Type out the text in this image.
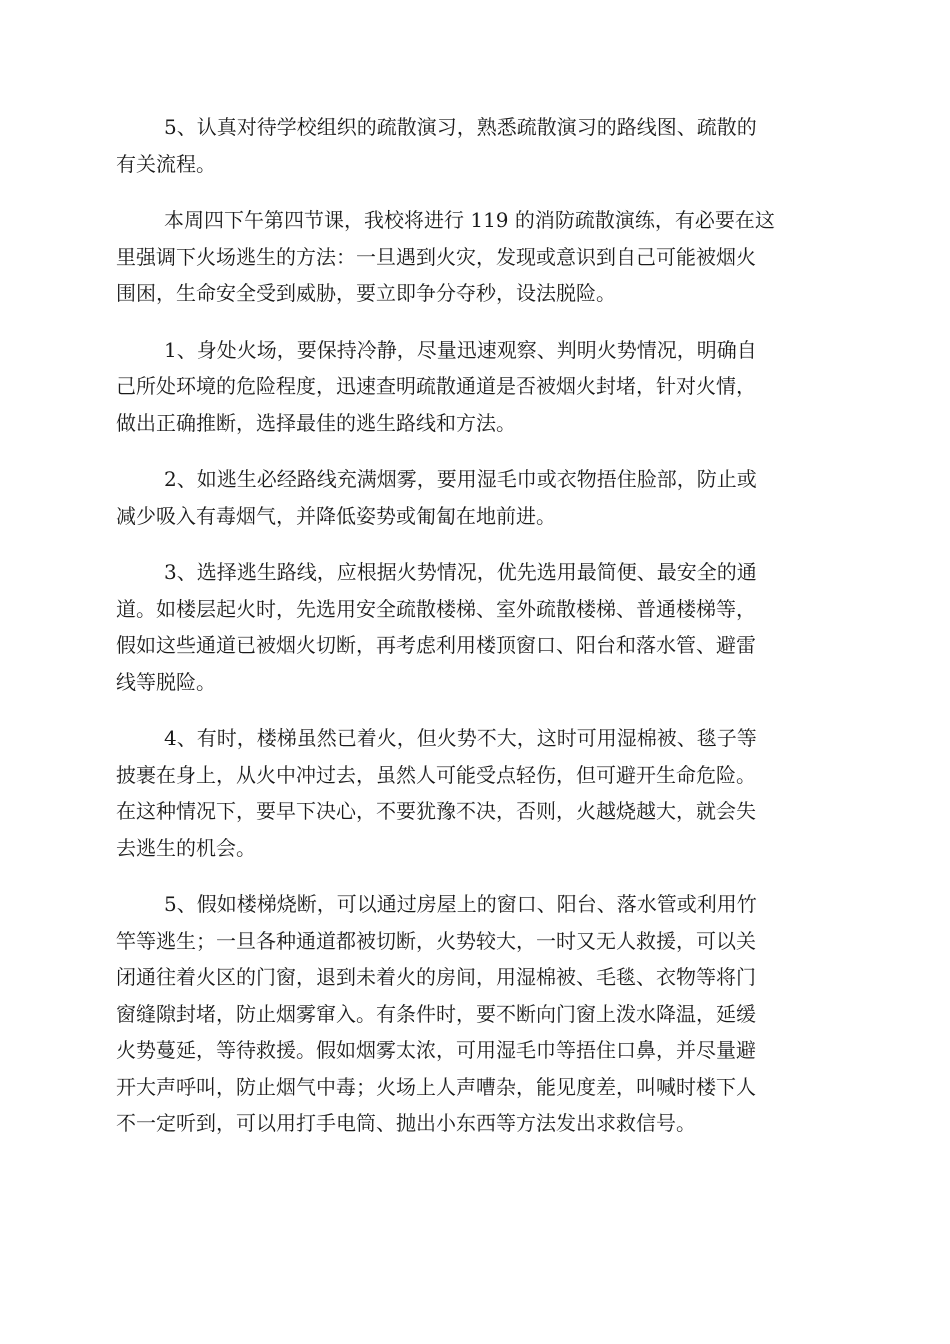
5、认真对待学校组织的疏散演习，熟悉疏散演习的路线图、疏散的
有关流程。

本周四下午第四节课，我校将进行 119 的消防疏散演练，有必要在这
里强调下火场逃生的方法：一旦遇到火灾，发现或意识到自己可能被烟火
围困，生命安全受到威胁，要立即争分夺秒，设法脱险。

1、身处火场，要保持冷静，尽量迅速观察、判明火势情况，明确自
己所处环境的危险程度，迅速查明疏散通道是否被烟火封堵，针对火情，
做出正确推断，选择最佳的逃生路线和方法。

2、如逃生必经路线充满烟雾，要用湿毛巾或衣物捂住脸部，防止或
减少吸入有毒烟气，并降低姿势或匍匐在地前进。

3、选择逃生路线，应根据火势情况，优先选用最简便、最安全的通
道。如楼层起火时，先选用安全疏散楼梯、室外疏散楼梯、普通楼梯等，
假如这些通道已被烟火切断，再考虑利用楼顶窗口、阳台和落水管、避雷
线等脱险。

4、有时，楼梯虽然已着火，但火势不大，这时可用湿棉被、毯子等
披裹在身上，从火中冲过去，虽然人可能受点轻伤，但可避开生命危险。
在这种情况下，要早下决心，不要犹豫不决，否则，火越烧越大，就会失
去逃生的机会。

5、假如楼梯烧断，可以通过房屋上的窗口、阳台、落水管或利用竹
竿等逃生；一旦各种通道都被切断，火势较大，一时又无人救援，可以关
闭通往着火区的门窗，退到未着火的房间，用湿棉被、毛毯、衣物等将门
窗缝隙封堵，防止烟雾窜入。有条件时，要不断向门窗上泼水降温，延缓
火势蔓延，等待救援。假如烟雾太浓，可用湿毛巾等捂住口鼻，并尽量避
开大声呼叫，防止烟气中毒；火场上人声嘈杂，能见度差，叫喊时楼下人
不一定听到，可以用打手电筒、抛出小东西等方法发出求救信号。
